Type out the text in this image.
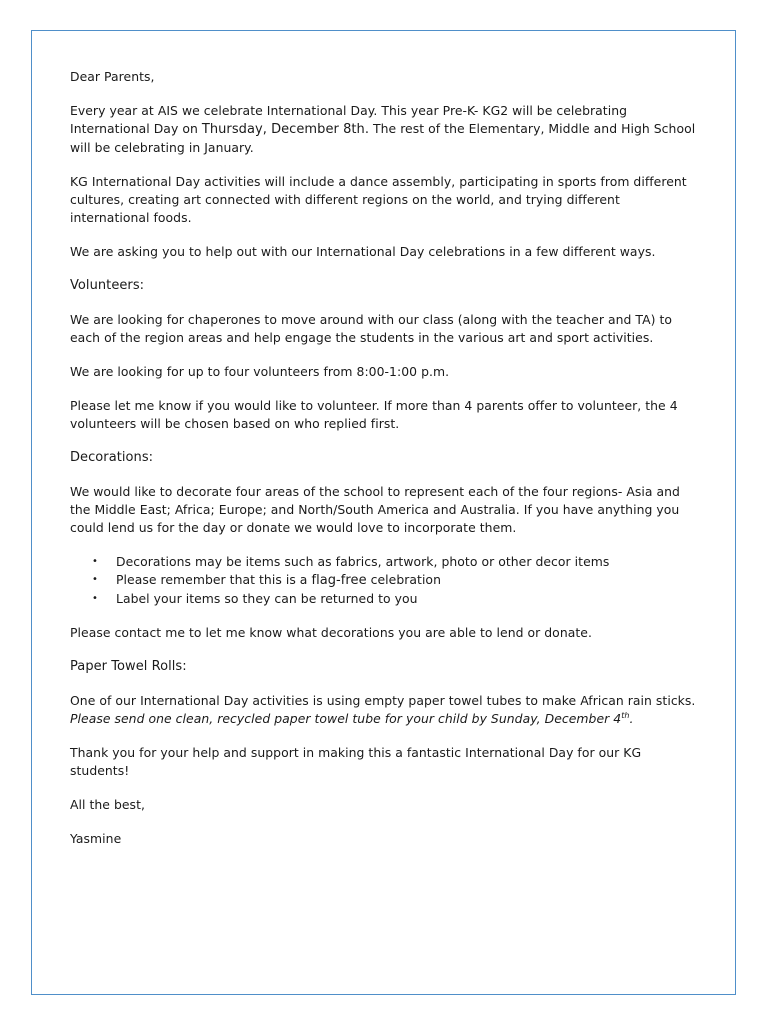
Dear Parents,

Every year at AIS we celebrate International Day. This year Pre-K- KG2 will be celebrating International Day on Thursday, December 8th. The rest of the Elementary, Middle and High School will be celebrating in January.

KG International Day activities will include a dance assembly, participating in sports from different cultures, creating art connected with different regions on the world, and trying different international foods.

We are asking you to help out with our International Day celebrations in a few different ways.

Volunteers:

We are looking for chaperones to move around with our class (along with the teacher and TA) to each of the region areas and help engage the students in the various art and sport activities.

We are looking for up to four volunteers from 8:00-1:00 p.m.

Please let me know if you would like to volunteer. If more than 4 parents offer to volunteer, the 4 volunteers will be chosen based on who replied first.

Decorations:

We would like to decorate four areas of the school to represent each of the four regions- Asia and the Middle East; Africa; Europe; and North/South America and Australia. If you have anything you could lend us for the day or donate we would love to incorporate them.

• Decorations may be items such as fabrics, artwork, photo or other decor items
• Please remember that this is a flag-free celebration
• Label your items so they can be returned to you

Please contact me to let me know what decorations you are able to lend or donate.

Paper Towel Rolls:

One of our International Day activities is using empty paper towel tubes to make African rain sticks.
Please send one clean, recycled paper towel tube for your child by Sunday, December 4th.

Thank you for your help and support in making this a fantastic International Day for our KG students!

All the best,

Yasmine
